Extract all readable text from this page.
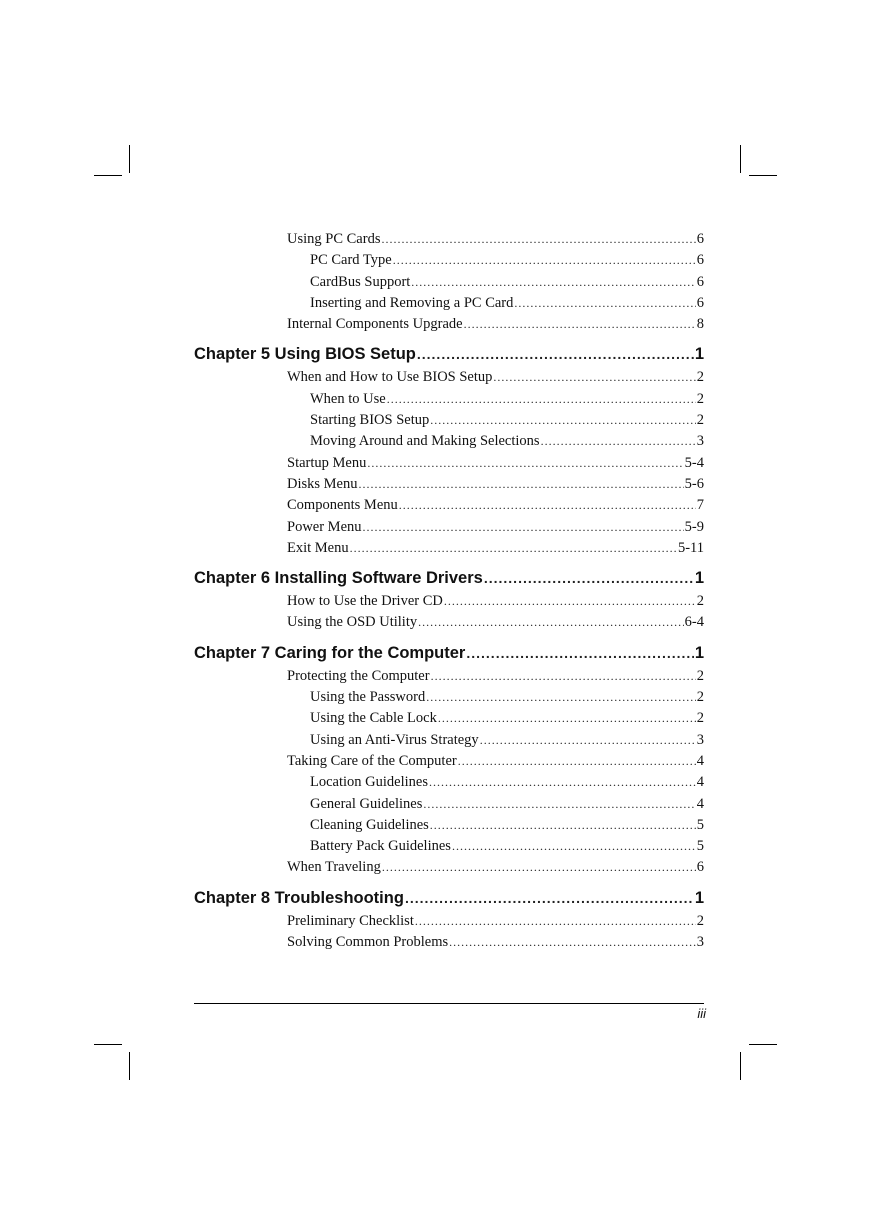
Using PC Cards .....	6
PC Card Type .....	6
CardBus Support .....	6
Inserting and Removing a PC Card .....	6
Internal Components Upgrade .....	8
Chapter 5 Using BIOS Setup .....	1
When and How to Use BIOS Setup .....	2
When to Use .....	2
Starting BIOS Setup .....	2
Moving Around and Making Selections .....	3
Startup Menu .....	5-4
Disks Menu .....	5-6
Components Menu .....	7
Power Menu .....	5-9
Exit Menu .....	5-11
Chapter 6 Installing Software Drivers .....	1
How to Use the Driver CD .....	2
Using the OSD Utility .....	6-4
Chapter 7 Caring for the Computer .....	1
Protecting the Computer .....	2
Using the Password .....	2
Using the Cable Lock .....	2
Using an Anti-Virus Strategy .....	3
Taking Care of the Computer .....	4
Location Guidelines .....	4
General Guidelines .....	4
Cleaning Guidelines .....	5
Battery Pack Guidelines .....	5
When Traveling .....	6
Chapter 8 Troubleshooting .....	1
Preliminary Checklist .....	2
Solving Common Problems .....	3
iii
